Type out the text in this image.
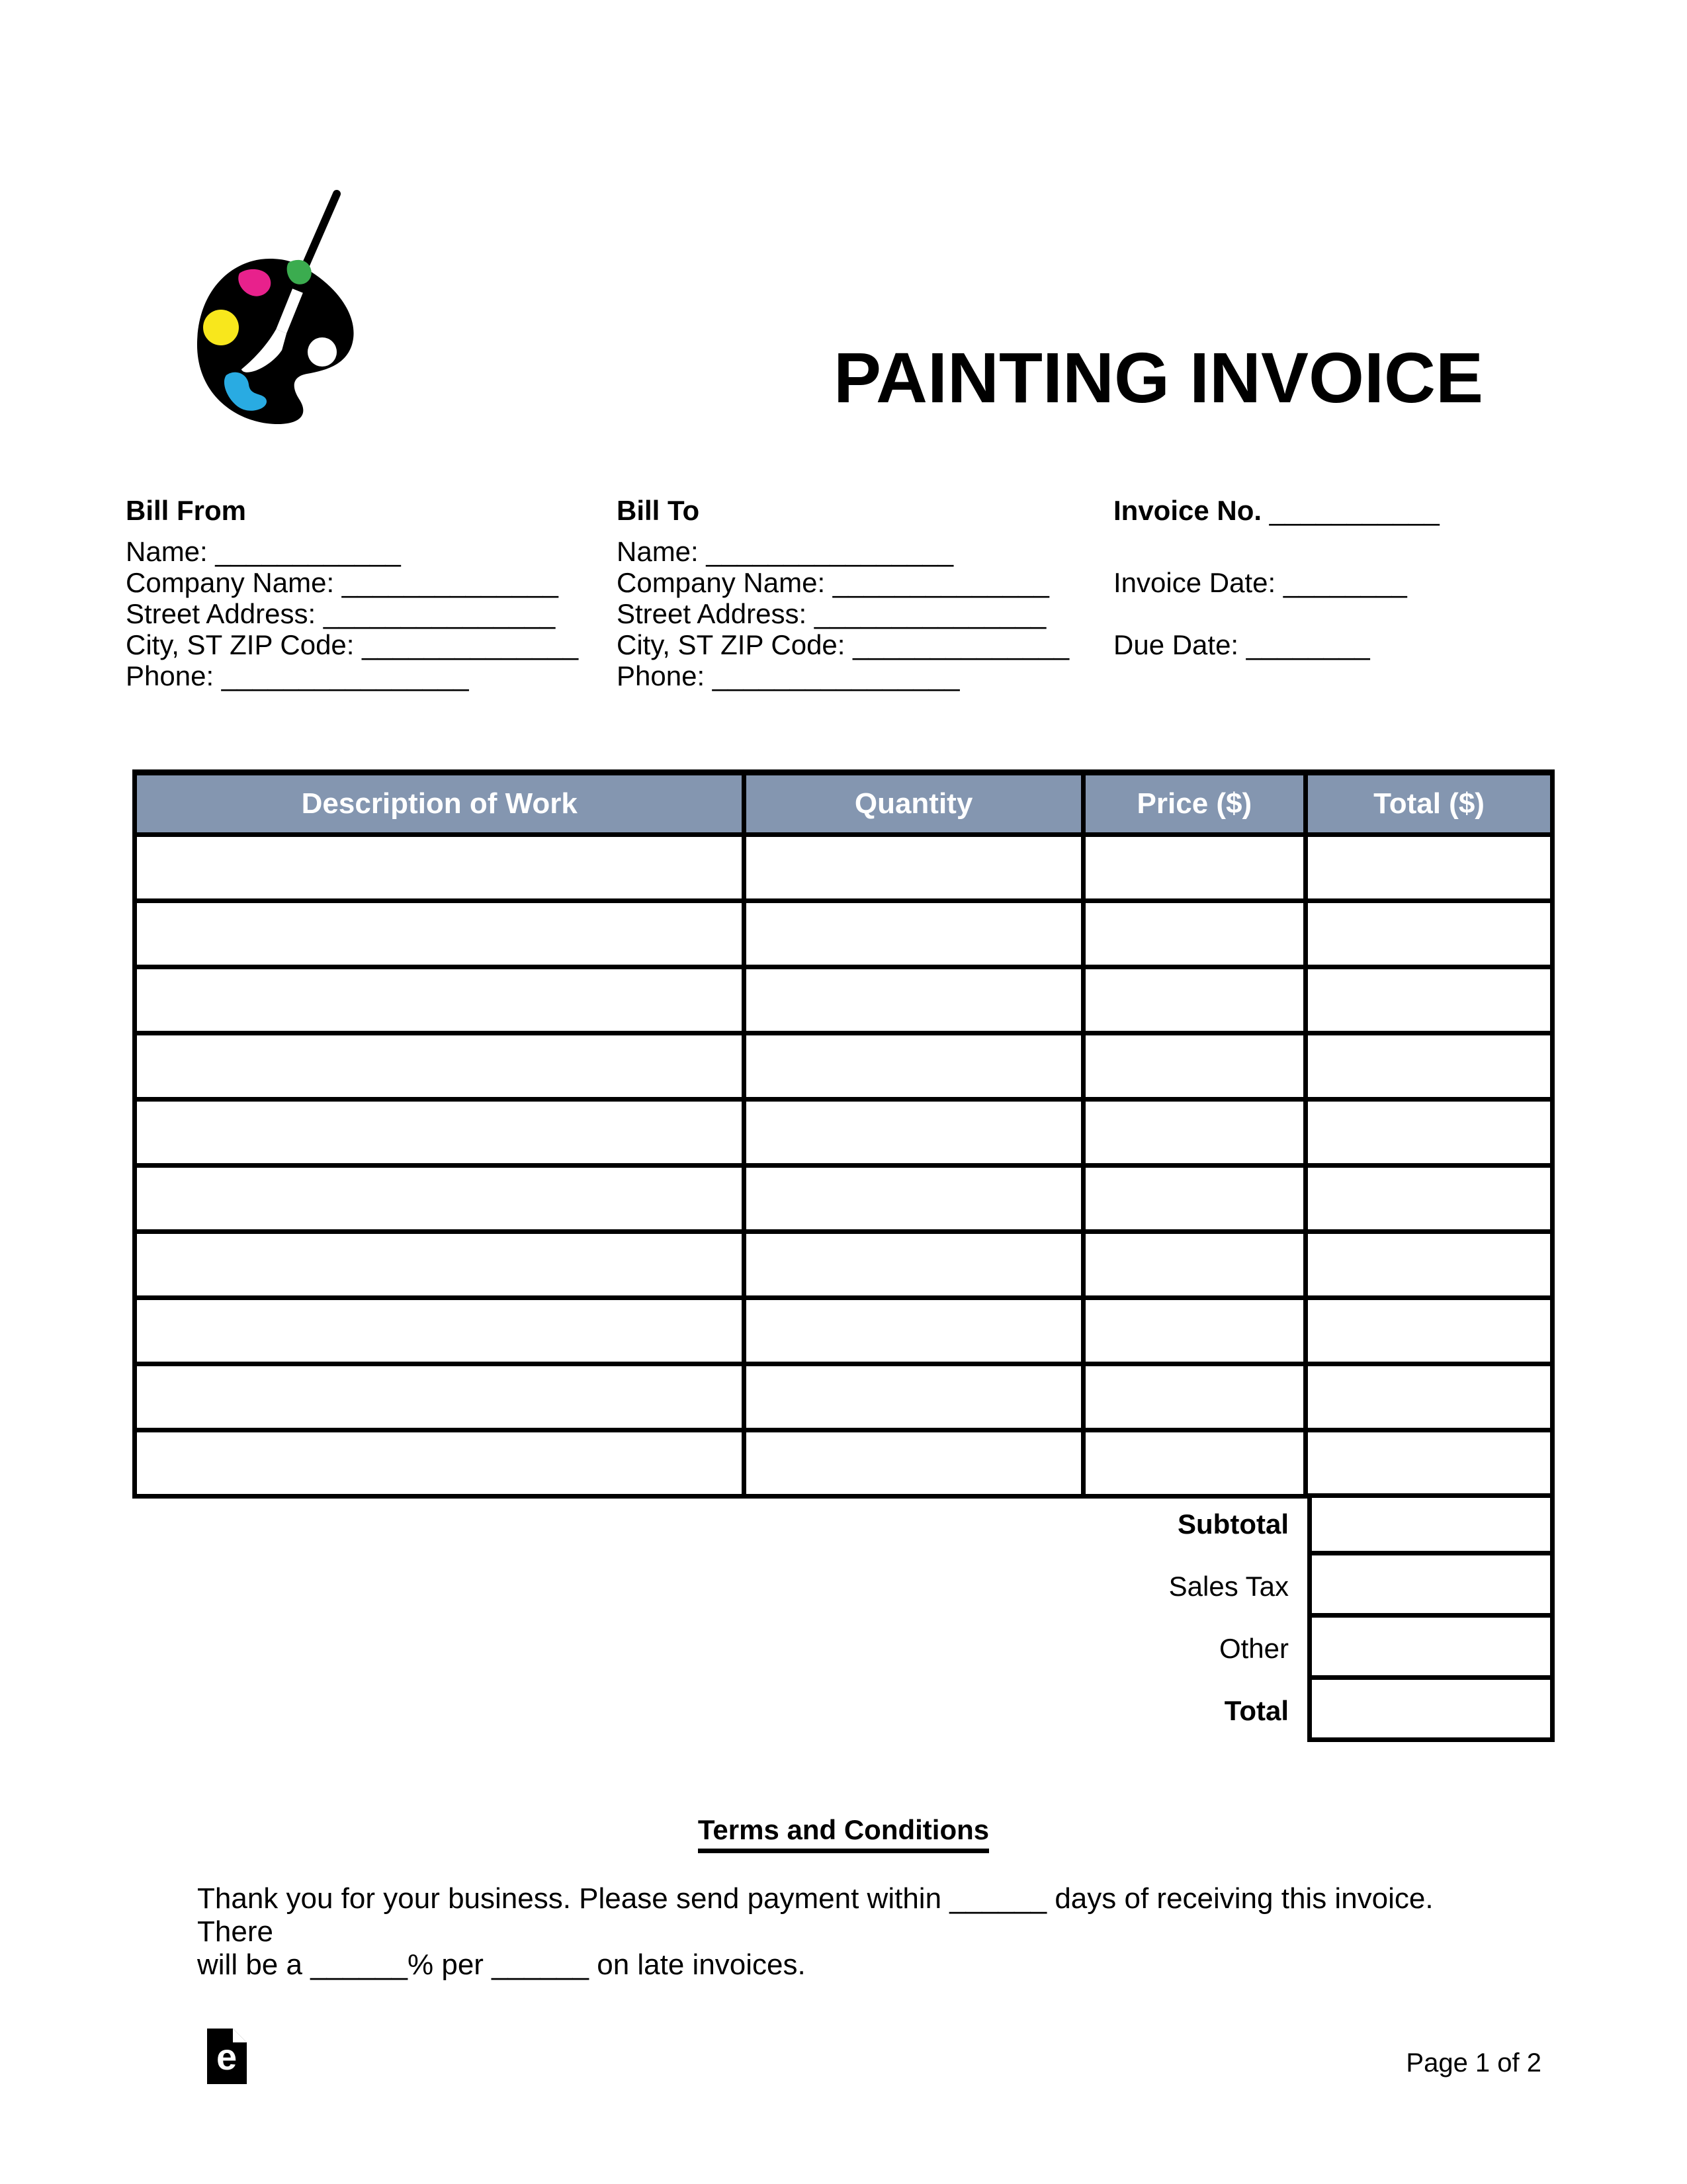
PAINTING INVOICE
Bill From
Name: ____________
Company Name: ______________
Street Address: _______________
City, ST ZIP Code: ______________
Phone: ________________
Bill To
Name: ________________
Company Name: ______________
Street Address: _______________
City, ST ZIP Code: ______________
Phone: ________________
Invoice No. ___________
Invoice Date: ________
Due Date: ________
Description of Work	Quantity	Price ($)	Total ($)

Subtotal
Sales Tax
Other
Total
Terms and Conditions
Thank you for your business. Please send payment within ______ days of receiving this invoice. There
will be a ______% per ______ on late invoices.
e	Page 1 of 2
